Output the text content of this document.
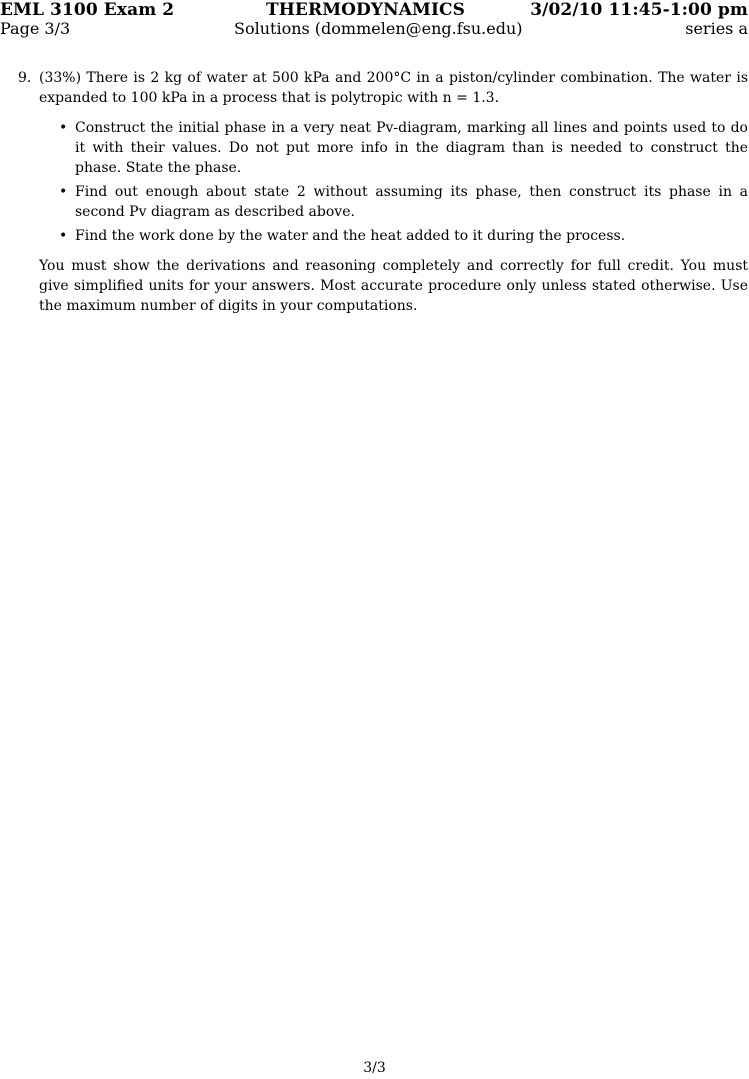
EML 3100 Exam 2	THERMODYNAMICS	3/02/10 11:45-1:00 pm
Page 3/3	Solutions (dommelen@eng.fsu.edu)	series a
9. (33%) There is 2 kg of water at 500 kPa and 200°C in a piston/cylinder combination. The water is expanded to 100 kPa in a process that is polytropic with n = 1.3.
• Construct the initial phase in a very neat Pv-diagram, marking all lines and points used to do it with their values. Do not put more info in the diagram than is needed to construct the phase. State the phase.
• Find out enough about state 2 without assuming its phase, then construct its phase in a second Pv diagram as described above.
• Find the work done by the water and the heat added to it during the process.
You must show the derivations and reasoning completely and correctly for full credit. You must give simplified units for your answers. Most accurate procedure only unless stated otherwise. Use the maximum number of digits in your computations.
3/3
